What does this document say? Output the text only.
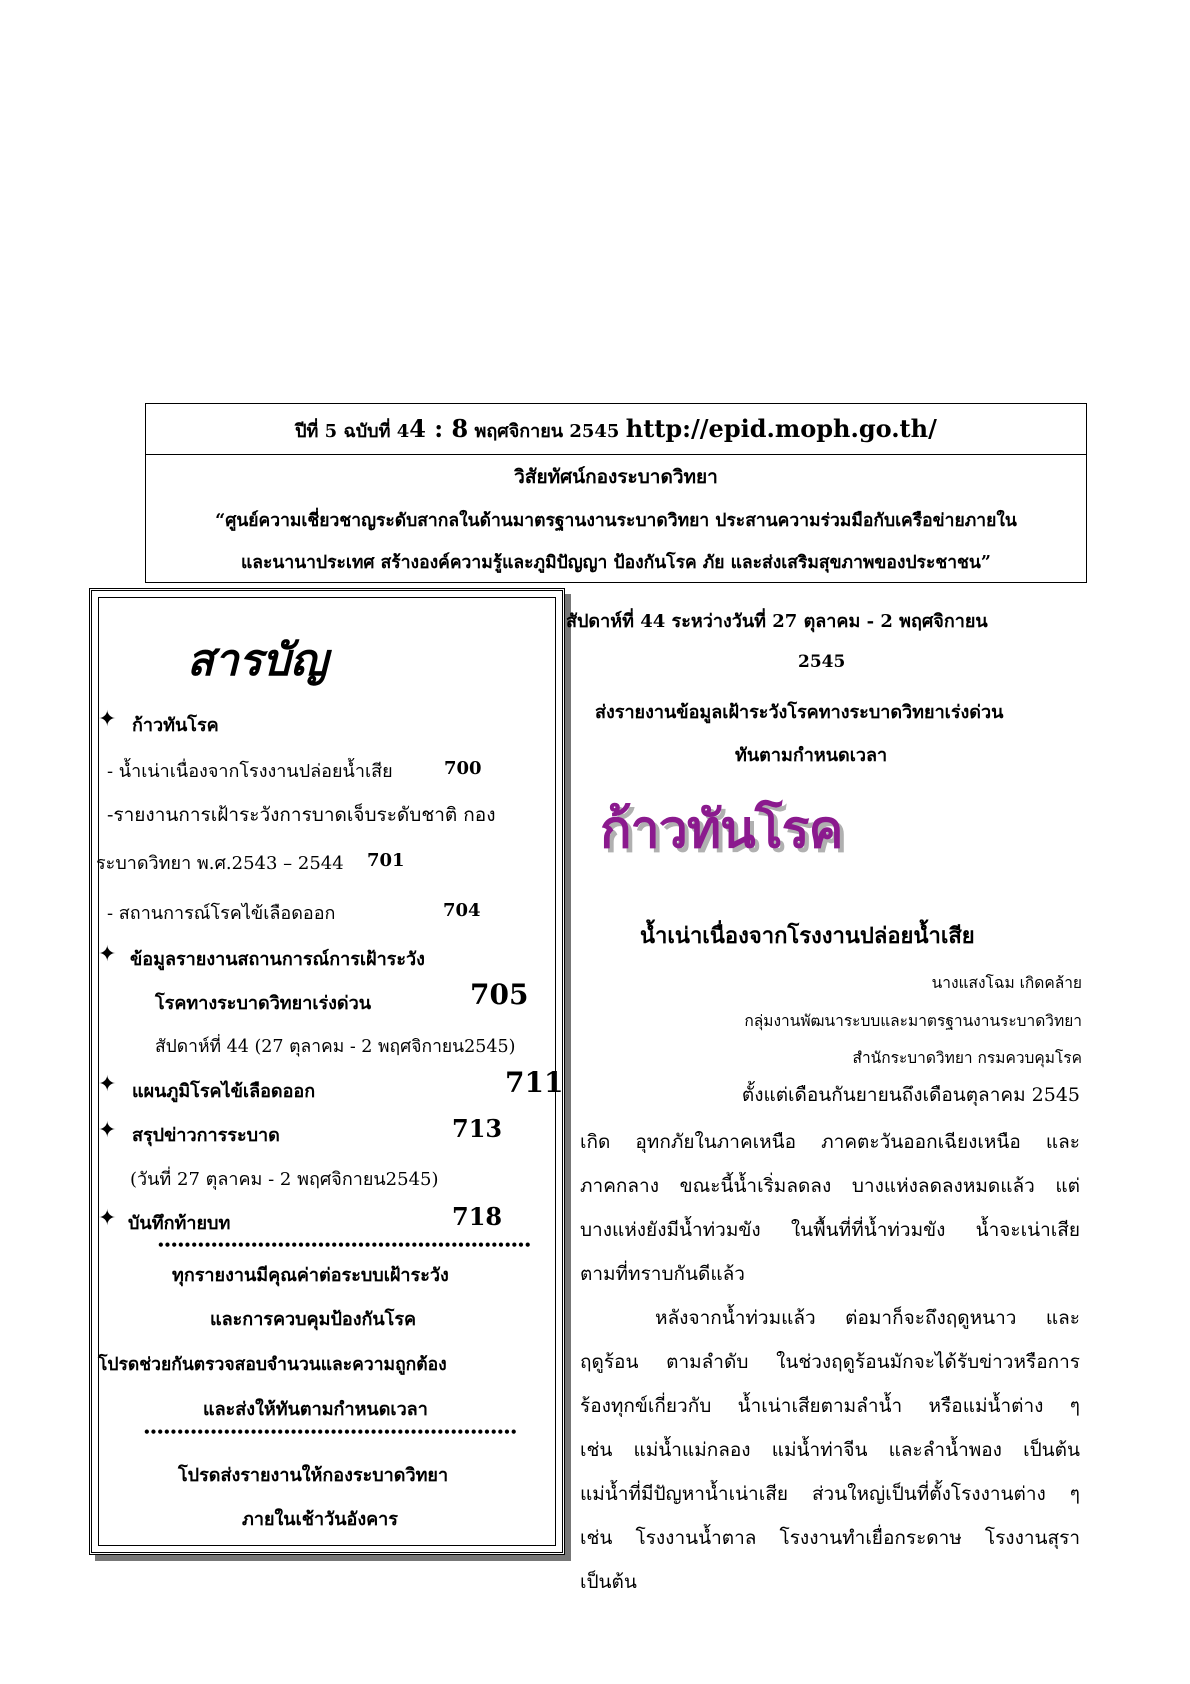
ปีที่ 5 ฉบับที่ 44 : 8 พฤศจิกายน 2545 http://epid.moph.go.th/
วิสัยทัศน์กองระบาดวิทยา
“ศูนย์ความเชี่ยวชาญระดับสากลในด้านมาตรฐานงานระบาดวิทยา ประสานความร่วมมือกับเครือข่ายภายใน
และนานาประเทศ สร้างองค์ความรู้และภูมิปัญญา ป้องกันโรค ภัย และส่งเสริมสุขภาพของประชาชน”
สารบัญ
✦ ก้าวทันโรค
- น้ำเน่าเนื่องจากโรงงานปล่อยน้ำเสีย	700
-รายงานการเฝ้าระวังการบาดเจ็บระดับชาติ กอง
ระบาดวิทยา พ.ศ.2543 – 2544 701
- สถานการณ์โรคไข้เลือดออก	704
✦ ข้อมูลรายงานสถานการณ์การเฝ้าระวัง
โรคทางระบาดวิทยาเร่งด่วน	705
สัปดาห์ที่ 44 (27 ตุลาคม - 2 พฤศจิกายน2545)
✦ แผนภูมิโรคไข้เลือดออก	711
✦ สรุปข่าวการระบาด	713
(วันที่ 27 ตุลาคม - 2 พฤศจิกายน2545)
✦ บันทึกท้ายบท	718
••••••••••••••••••••••••••••••••••••••••••••••••••••••••
ทุกรายงานมีคุณค่าต่อระบบเฝ้าระวัง
และการควบคุมป้องกันโรค
โปรดช่วยกันตรวจสอบจำนวนและความถูกต้อง
และส่งให้ทันตามกำหนดเวลา
••••••••••••••••••••••••••••••••••••••••••••••••••••••••
โปรดส่งรายงานให้กองระบาดวิทยา
ภายในเช้าวันอังคาร
สัปดาห์ที่ 44 ระหว่างวันที่ 27 ตุลาคม - 2 พฤศจิกายน
2545
ส่งรายงานข้อมูลเฝ้าระวังโรคทางระบาดวิทยาเร่งด่วน
ทันตามกำหนดเวลา
ก้าวทันโรค
น้ำเน่าเนื่องจากโรงงานปล่อยน้ำเสีย
นางแสงโฉม เกิดคล้าย
กลุ่มงานพัฒนาระบบและมาตรฐานงานระบาดวิทยา
สำนักระบาดวิทยา กรมควบคุมโรค
ตั้งแต่เดือนกันยายนถึงเดือนตุลาคม 2545
เกิด อุทกภัยในภาคเหนือ ภาคตะวันออกเฉียงเหนือ และ
ภาคกลาง ขณะนี้น้ำเริ่มลดลง บางแห่งลดลงหมดแล้ว แต่
บางแห่งยังมีน้ำท่วมขัง ในพื้นที่ที่น้ำท่วมขัง น้ำจะเน่าเสีย
ตามที่ทราบกันดีแล้ว
หลังจากน้ำท่วมแล้ว ต่อมาก็จะถึงฤดูหนาว และ
ฤดูร้อน ตามลำดับ ในช่วงฤดูร้อนมักจะได้รับข่าวหรือการ
ร้องทุกข์เกี่ยวกับ น้ำเน่าเสียตามลำน้ำ หรือแม่น้ำต่าง ๆ
เช่น แม่น้ำแม่กลอง แม่น้ำท่าจีน และลำน้ำพอง เป็นต้น
แม่น้ำที่มีปัญหาน้ำเน่าเสีย ส่วนใหญ่เป็นที่ตั้งโรงงานต่าง ๆ
เช่น โรงงานน้ำตาล โรงงานทำเยื่อกระดาษ โรงงานสุรา
เป็นต้น
